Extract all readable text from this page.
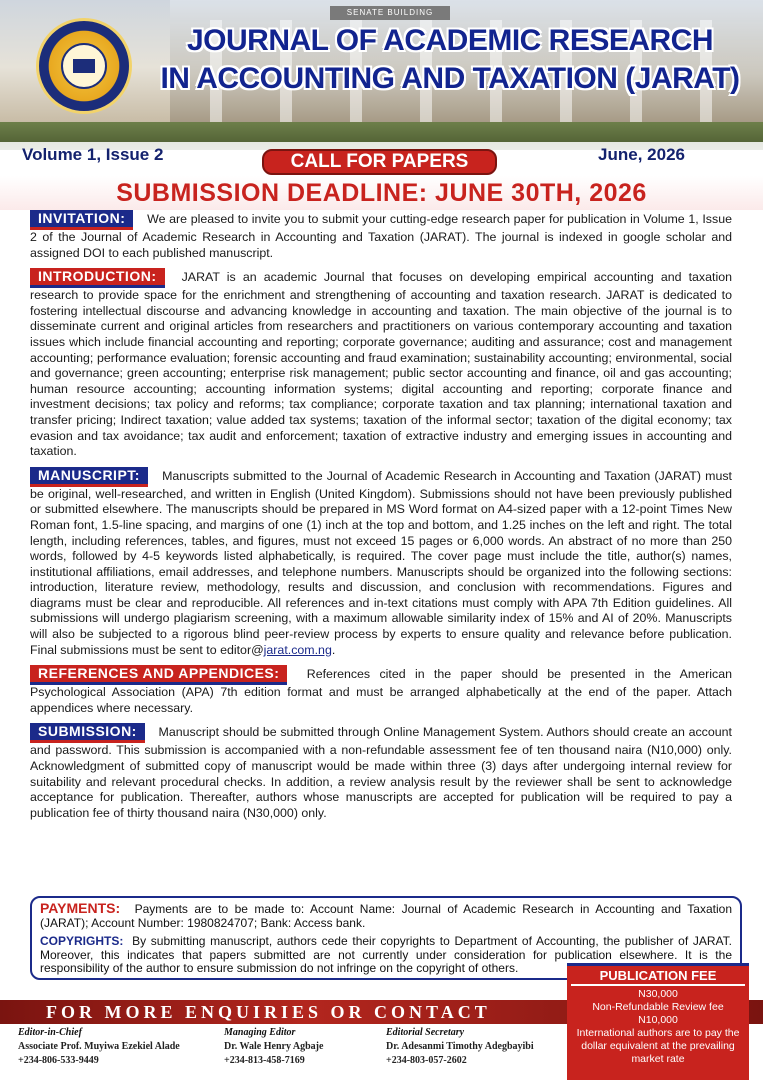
SENATE BUILDING
JOURNAL OF ACADEMIC RESEARCH
IN ACCOUNTING AND TAXATION (JARAT)
Volume 1, Issue 2	CALL FOR PAPERS	June, 2026
SUBMISSION DEADLINE: JUNE 30TH, 2026
INVITATION: We are pleased to invite you to submit your cutting-edge research paper for publication in Volume 1, Issue 2 of the Journal of Academic Research in Accounting and Taxation (JARAT). The journal is indexed in google scholar and assigned DOI to each published manuscript.
INTRODUCTION: JARAT is an academic Journal that focuses on developing empirical accounting and taxation research to provide space for the enrichment and strengthening of accounting and taxation research. JARAT is dedicated to fostering intellectual discourse and advancing knowledge in accounting and taxation. The main objective of the journal is to disseminate current and original articles from researchers and practitioners on various contemporary accounting and taxation issues which include financial accounting and reporting; corporate governance; auditing and assurance; cost and management accounting; performance evaluation; forensic accounting and fraud examination; sustainability accounting; environmental, social and governance; green accounting; enterprise risk management; public sector accounting and finance, oil and gas accounting; human resource accounting; accounting information systems; digital accounting and reporting; corporate finance and investment decisions; tax policy and reforms; tax compliance; corporate taxation and tax planning; international taxation and transfer pricing; Indirect taxation; value added tax systems; taxation of the informal sector; taxation of the digital economy; tax evasion and tax avoidance; tax audit and enforcement; taxation of extractive industry and emerging issues in accounting and taxation.
MANUSCRIPT: Manuscripts submitted to the Journal of Academic Research in Accounting and Taxation (JARAT) must be original, well-researched, and written in English (United Kingdom). Submissions should not have been previously published or submitted elsewhere. The manuscripts should be prepared in MS Word format on A4-sized paper with a 12-point Times New Roman font, 1.5-line spacing, and margins of one (1) inch at the top and bottom, and 1.25 inches on the left and right. The total length, including references, tables, and figures, must not exceed 15 pages or 6,000 words. An abstract of no more than 250 words, followed by 4-5 keywords listed alphabetically, is required. The cover page must include the title, author(s) names, institutional affiliations, email addresses, and telephone numbers. Manuscripts should be organized into the following sections: introduction, literature review, methodology, results and discussion, and conclusion with recommendations. Figures and diagrams must be clear and reproducible. All references and in-text citations must comply with APA 7th Edition guidelines. All submissions will undergo plagiarism screening, with a maximum allowable similarity index of 15% and AI of 20%. Manuscripts will also be subjected to a rigorous blind peer-review process by experts to ensure quality and relevance before publication. Final submissions must be sent to editor@jarat.com.ng.
REFERENCES AND APPENDICES: References cited in the paper should be presented in the American Psychological Association (APA) 7th edition format and must be arranged alphabetically at the end of the paper. Attach appendices where necessary.
SUBMISSION: Manuscript should be submitted through Online Management System. Authors should create an account and password. This submission is accompanied with a non-refundable assessment fee of ten thousand naira (N10,000) only. Acknowledgment of submitted copy of manuscript would be made within three (3) days after undergoing internal review for suitability and relevant procedural checks. In addition, a review analysis result by the reviewer shall be sent to acknowledge acceptance for publication. Thereafter, authors whose manuscripts are accepted for publication will be required to pay a publication fee of thirty thousand naira (N30,000) only.

PAYMENTS: Payments are to be made to: Account Name: Journal of Academic Research in Accounting and Taxation (JARAT); Account Number: 1980824707; Bank: Access bank.

COPYRIGHTS: By submitting manuscript, authors cede their copyrights to Department of Accounting, the publisher of JARAT. Moreover, this indicates that papers submitted are not currently under consideration for publication elsewhere. It is the responsibility of the author to ensure submission do not infringe on the copyright of others.

FOR MORE ENQUIRIES OR CONTACT
Editor-in-Chief
Associate Prof. Muyiwa Ezekiel Alade
+234-806-533-9449
Managing Editor
Dr. Wale Henry Agbaje
+234-813-458-7169
Editorial Secretary
Dr. Adesanmi Timothy Adegbayibi
+234-803-057-2602
PUBLICATION FEE
N30,000
Non-Refundable Review fee
N10,000
International authors are to pay the dollar equivalent at the prevailing market rate
